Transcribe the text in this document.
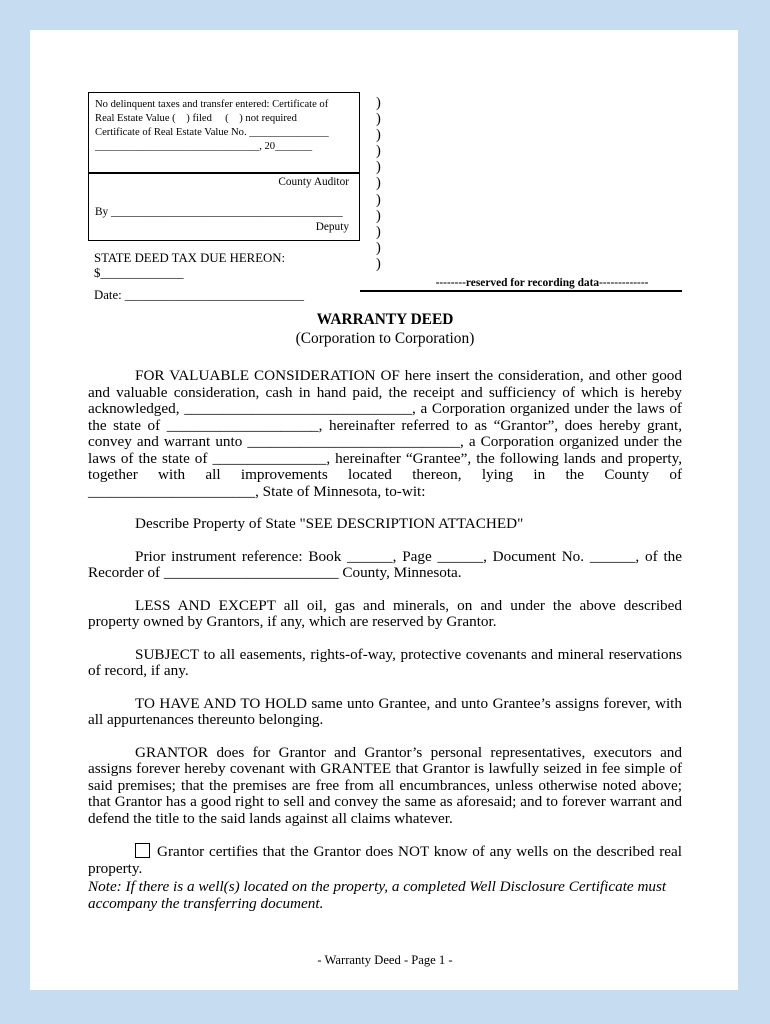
No delinquent taxes and transfer entered: Certificate of
Real Estate Value (    ) filed     (    ) not required
Certificate of Real Estate Value No. _______________
_______________________________, 20_______
County Auditor
By _________________________________________
Deputy
STATE DEED TAX DUE HEREON: $_____________
Date: ____________________________
)
)
)
)
)
)
)
)
)
)
)
--------reserved for recording data-------------
WARRANTY DEED
(Corporation to Corporation)

FOR VALUABLE CONSIDERATION OF here insert the consideration, and other good and valuable consideration, cash in hand paid, the receipt and sufficiency of which is hereby acknowledged, ______________________________, a Corporation organized under the laws of the state of ____________________, hereinafter referred to as “Grantor”, does hereby grant, convey and warrant unto ____________________________, a Corporation organized under the laws of the state of _______________, hereinafter “Grantee”, the following lands and property, together with all improvements located thereon, lying in the County of ______________________, State of Minnesota, to-wit:

Describe Property of State "SEE DESCRIPTION ATTACHED"

Prior instrument reference: Book ______, Page ______, Document No. ______, of the Recorder of _______________________ County, Minnesota.

LESS AND EXCEPT all oil, gas and minerals, on and under the above described property owned by Grantors, if any, which are reserved by Grantor.

SUBJECT to all easements, rights-of-way, protective covenants and mineral reservations of record, if any.

TO HAVE AND TO HOLD same unto Grantee, and unto Grantee’s assigns forever, with all appurtenances thereunto belonging.

GRANTOR does for Grantor and Grantor’s personal representatives, executors and assigns forever hereby covenant with GRANTEE that Grantor is lawfully seized in fee simple of said premises; that the premises are free from all encumbrances, unless otherwise noted above; that Grantor has a good right to sell and convey the same as aforesaid; and to forever warrant and defend the title to the said lands against all claims whatever.

Grantor certifies that the Grantor does NOT know of any wells on the described real property.

Note: If there is a well(s) located on the property, a completed Well Disclosure Certificate must accompany the transferring document.

- Warranty Deed - Page 1 -
